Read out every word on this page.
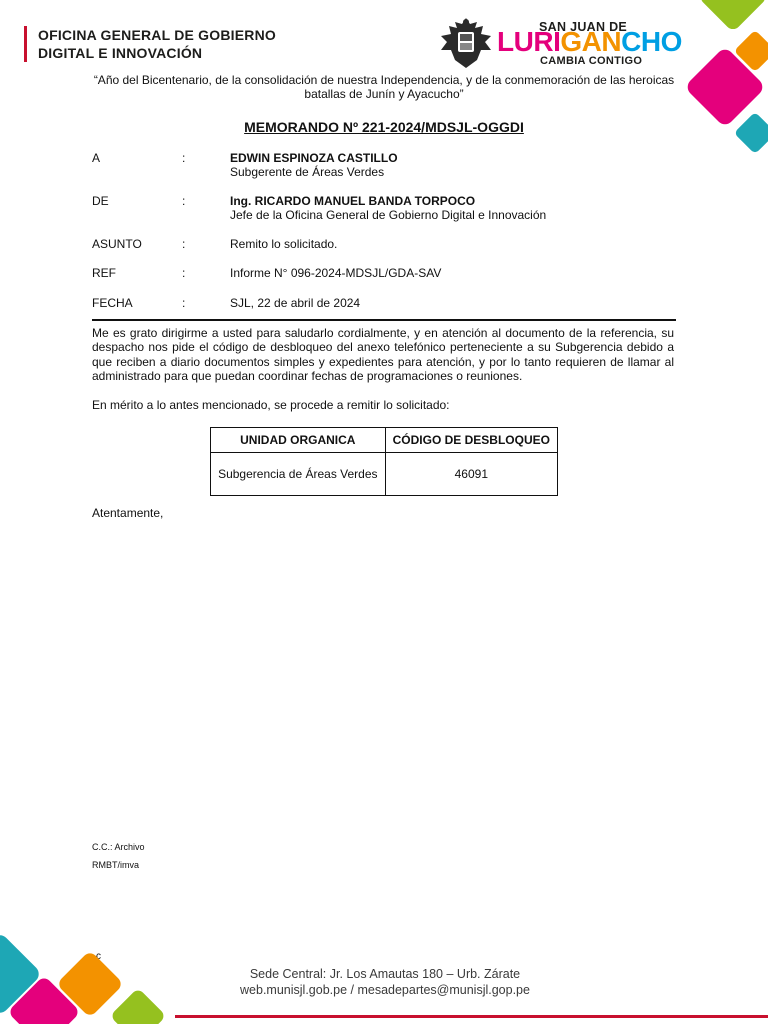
OFICINA GENERAL DE GOBIERNO
DIGITAL E INNOVACIÓN
SAN JUAN DE
LURIGANCHO
CAMBIA CONTIGO
“Año del Bicentenario, de la consolidación de nuestra Independencia, y de la conmemoración de las heroicas
batallas de Junín y Ayacucho”
MEMORANDO Nº 221-2024/MDSJL-OGGDI
A	:	EDWIN ESPINOZA CASTILLO
Subgerente de Áreas Verdes
DE	:	Ing. RICARDO MANUEL BANDA TORPOCO
Jefe de la Oficina General de Gobierno Digital e Innovación
ASUNTO	:	Remito lo solicitado.
REF	:	Informe N° 096-2024-MDSJL/GDA-SAV
FECHA	:	SJL, 22 de abril de 2024
Me es grato dirigirme a usted para saludarlo cordialmente, y en atención al documento de la referencia, su despacho nos pide el código de desbloqueo del anexo telefónico perteneciente a su Subgerencia debido a que reciben a diario documentos simples y expedientes para atención, y por lo tanto requieren de llamar al administrado para que puedan coordinar fechas de programaciones o reuniones.
En mérito a lo antes mencionado, se procede a remitir lo solicitado:
UNIDAD ORGANICA	CÓDIGO DE DESBLOQUEO
Subgerencia de Áreas Verdes	46091
Atentamente,
C.C.: Archivo
RMBT/imva
c
Sede Central: Jr. Los Amautas 180 – Urb. Zárate
web.munisjl.gob.pe / mesadepartes@munisjl.gop.pe
